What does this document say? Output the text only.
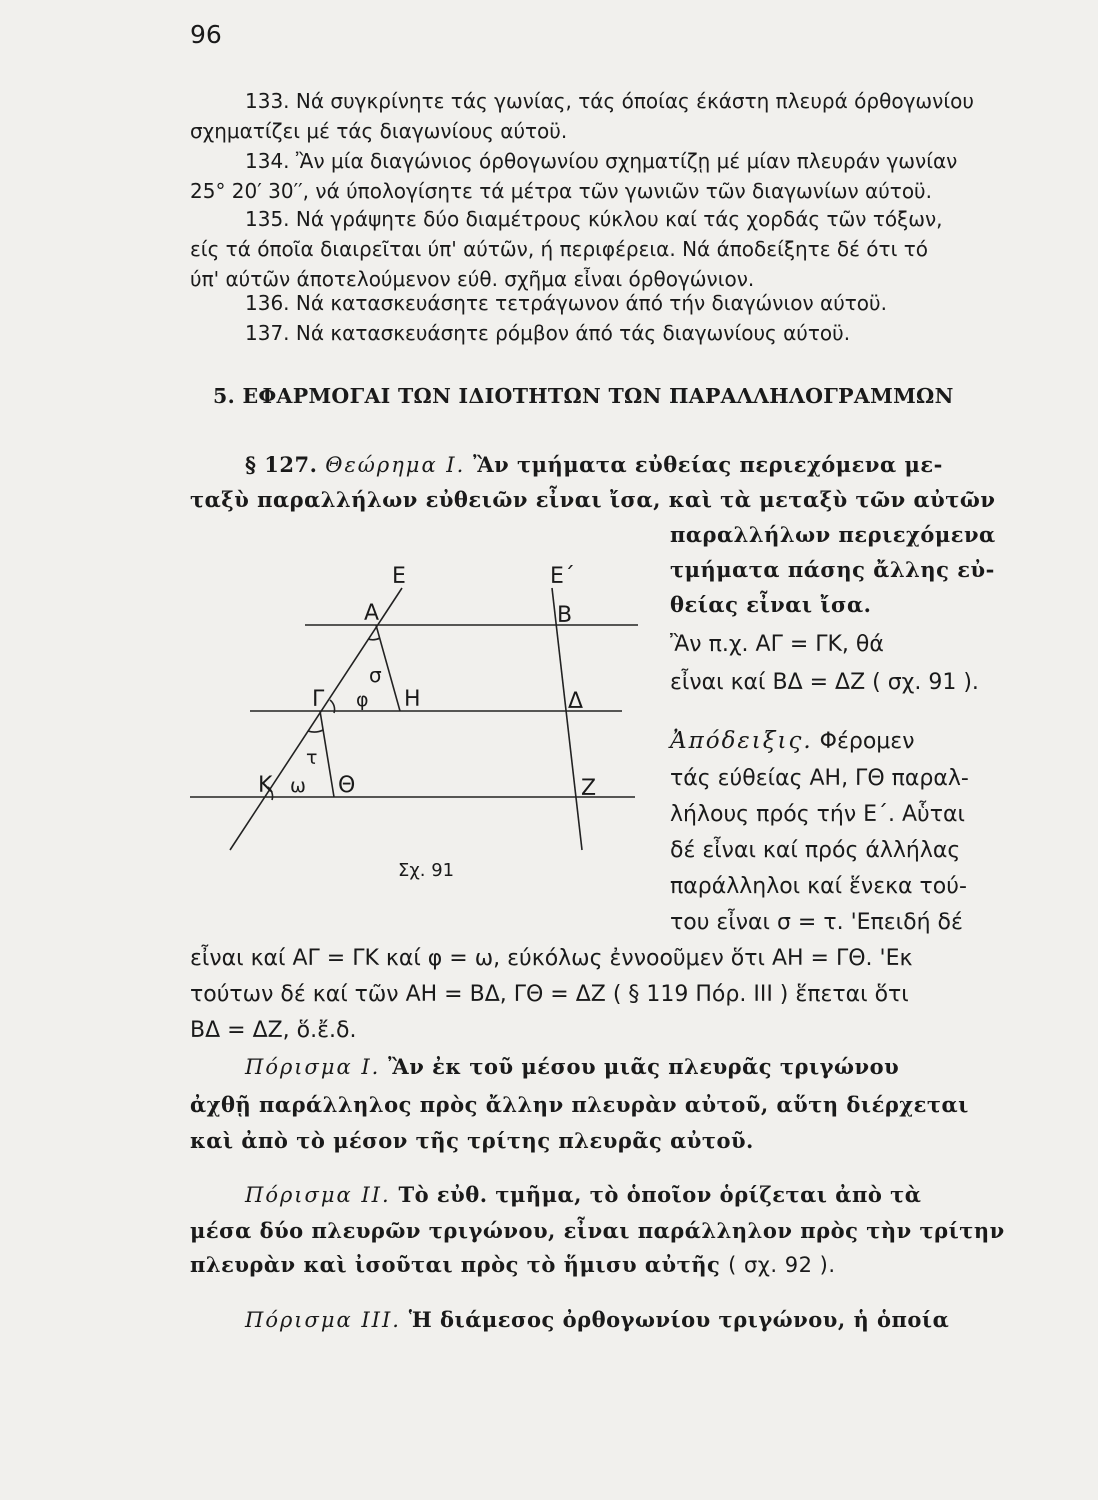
96

133. Νά συγκρίνητε τάς γωνίας, τάς όποίας έκάστη πλευρά όρθογωνίου

σχηματίζει μέ τάς διαγωνίους αύτοϋ.

134. Ἂν μία διαγώνιος όρθογωνίου σχηματίζῃ μέ μίαν πλευράν γωνίαν

25° 20′ 30′′, νά ύπολογίσητε τά μέτρα τῶν γωνιῶν τῶν διαγωνίων αύτοϋ.

135. Νά γράψητε δύο διαμέτρους κύκλου καί τάς χορδάς τῶν τόξων,

είς τά όποῖα διαιρεῖται ύπ' αύτῶν, ή περιφέρεια. Νά άποδείξητε δέ ότι τό

ύπ' αύτῶν άποτελούμενον εύθ. σχῆμα εἶναι όρθογώνιον.

136. Νά κατασκευάσητε τετράγωνον άπό τήν διαγώνιον αύτοϋ.

137. Νά κατασκευάσητε ρόμβον άπό τάς διαγωνίους αύτοϋ.

5. ΕΦΑΡΜΟΓΑΙ ΤΩΝ ΙΔΙΟΤΗΤΩΝ ΤΩΝ ΠΑΡΑΛΛΗΛΟΓΡΑΜΜΩΝ
§ 127. Θεώρημα Ι. Ἂν τμήματα εὐθείας περιεχόμενα με-
ταξὺ παραλλήλων εὐθειῶν εἶναι ἴσα, καὶ τὰ μεταξὺ τῶν αὐτῶν
παραλλήλων περιεχόμενα
τμήματα πάσης ἄλλης εὐ-
θείας εἶναι ἴσα.
Ἂν π.χ. ΑΓ = ΓΚ, θά
εἶναι καί ΒΔ = ΔΖ ( σχ. 91 ).
Ἀπόδειξις. Φέρομεν
τάς εύθείας ΑΗ, ΓΘ παραλ-
λήλους πρός τήν Ε΄. Αὗται
δέ εἶναι καί πρός άλλήλας
παράλληλοι καί ἕνεκα τού-
του εἶναι σ = τ. 'Επειδή δέ
εἶναι καί ΑΓ = ΓΚ καί φ = ω, εύκόλως ἐννοοῦμεν ὅτι ΑΗ = ΓΘ. 'Εκ
τούτων δέ καί τῶν ΑΗ = ΒΔ, ΓΘ = ΔΖ ( § 119 Πόρ. ΙΙΙ ) ἕπεται ὅτι
ΒΔ = ΔΖ, ὅ.ἔ.δ.
Πόρισμα Ι. Ἂν ἐκ τοῦ μέσου μιᾶς πλευρᾶς τριγώνου
ἀχθῇ παράλληλος πρὸς ἄλλην πλευρὰν αὐτοῦ, αὕτη διέρχεται
καὶ ἀπὸ τὸ μέσον τῆς τρίτης πλευρᾶς αὐτοῦ.
Πόρισμα ΙΙ. Τὸ εὐθ. τμῆμα, τὸ ὁποῖον ὁρίζεται ἀπὸ τὰ
μέσα δύο πλευρῶν τριγώνου, εἶναι παράλληλον πρὸς τὴν τρίτην
πλευρὰν καὶ ἰσοῦται πρὸς τὸ ἥμισυ αὐτῆς ( σχ. 92 ).
Πόρισμα ΙΙΙ. Ἡ διάμεσος ὀρθογωνίου τριγώνου, ἡ ὁποία
Ε	Ε΄
Α	Β
σ
Γ φ Η	Δ
τ
Κ ω Θ	Ζ
Σχ. 91
